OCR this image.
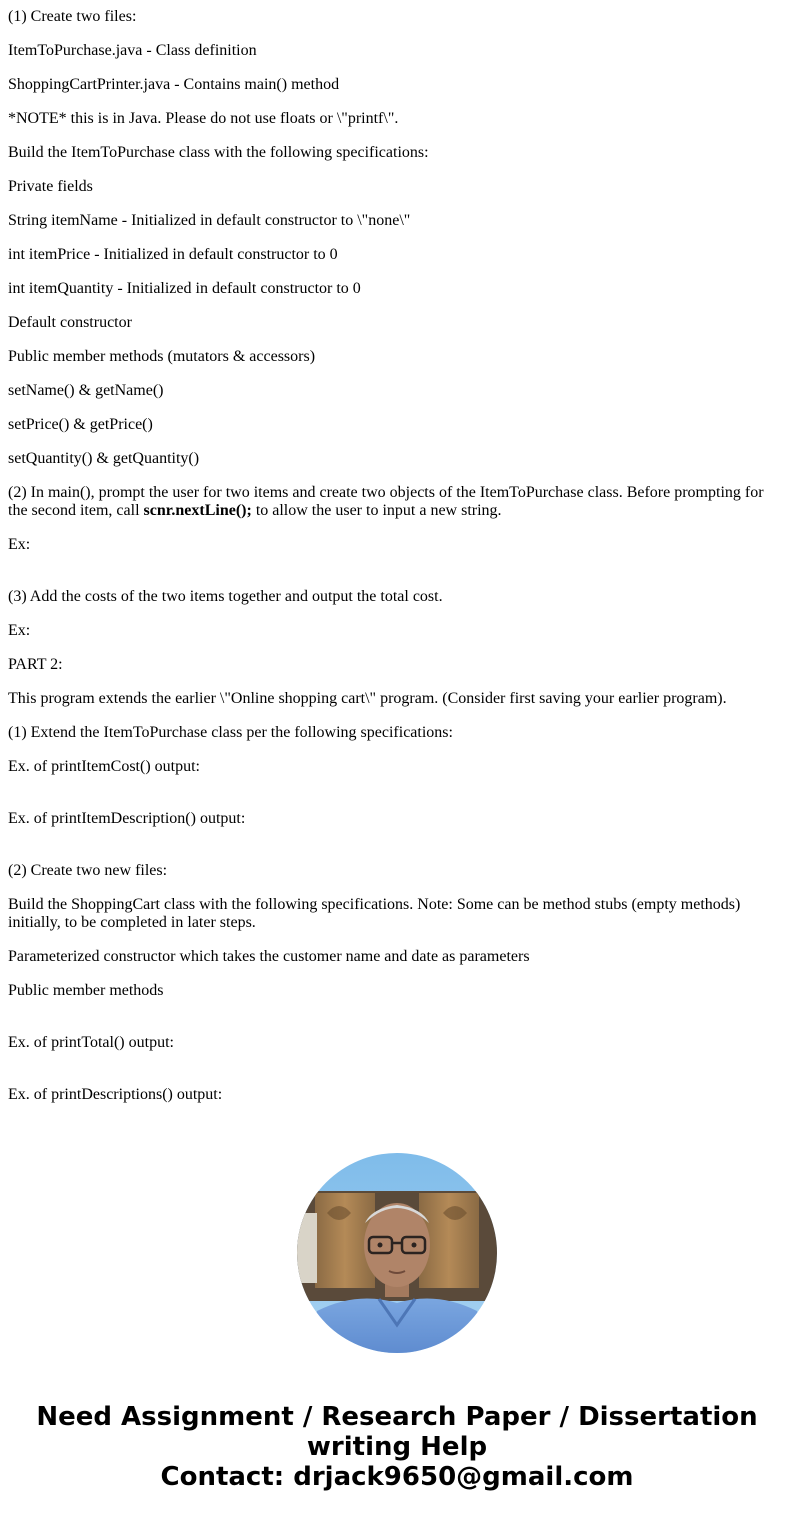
(1) Create two files:

ItemToPurchase.java - Class definition

ShoppingCartPrinter.java - Contains main() method

*NOTE* this is in Java. Please do not use floats or \"printf\".

Build the ItemToPurchase class with the following specifications:

Private fields

String itemName - Initialized in default constructor to \"none\"

int itemPrice - Initialized in default constructor to 0

int itemQuantity - Initialized in default constructor to 0

Default constructor

Public member methods (mutators & accessors)

setName() & getName()

setPrice() & getPrice()

setQuantity() & getQuantity()

(2) In main(), prompt the user for two items and create two objects of the ItemToPurchase class. Before prompting for the second item, call scnr.nextLine(); to allow the user to input a new string.

Ex:

(3) Add the costs of the two items together and output the total cost.

Ex:

PART 2:

This program extends the earlier \"Online shopping cart\" program. (Consider first saving your earlier program).

(1) Extend the ItemToPurchase class per the following specifications:

Ex. of printItemCost() output:

Ex. of printItemDescription() output:

(2) Create two new files:

Build the ShoppingCart class with the following specifications. Note: Some can be method stubs (empty methods) initially, to be completed in later steps.

Parameterized constructor which takes the customer name and date as parameters

Public member methods

Ex. of printTotal() output:

Ex. of printDescriptions() output:

Need Assignment / Research Paper / Dissertation
writing Help
Contact: drjack9650@gmail.com
